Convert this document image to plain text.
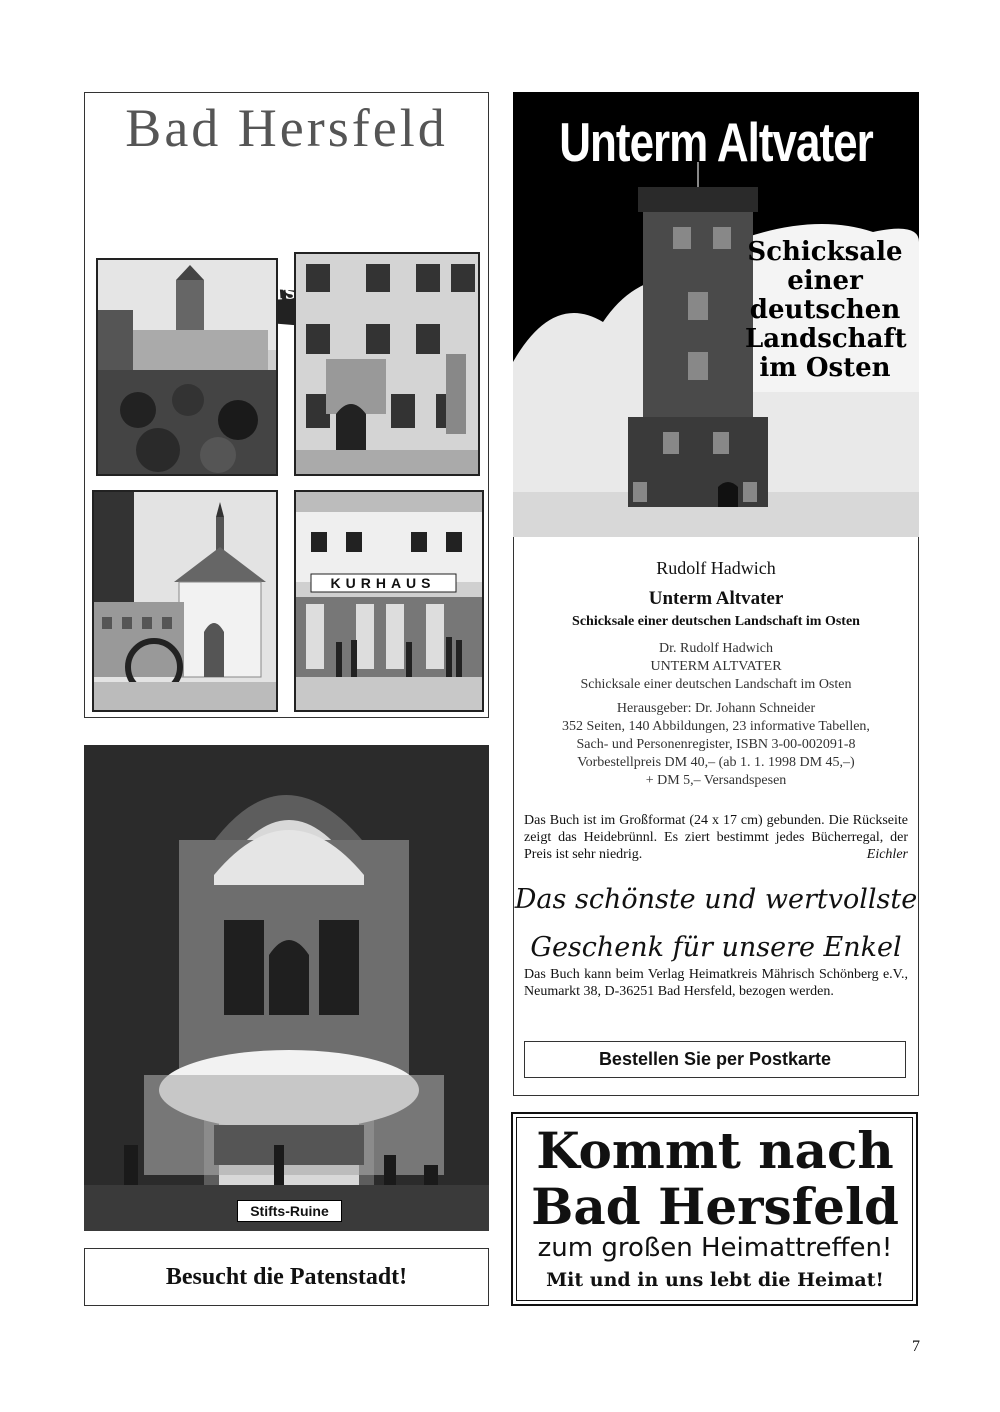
Bad Hersfeld
KURHAUS
Stifts-Ruine
Besucht die Patenstadt!
Unterm Altvater
Schicksale
einer
deutschen
Landschaft
im Osten
Rudolf Hadwich
Unterm Altvater
Schicksale einer deutschen Landschaft im Osten
Dr. Rudolf Hadwich
UNTERM ALTVATER
Schicksale einer deutschen Landschaft im Osten
Herausgeber: Dr. Johann Schneider
352 Seiten, 140 Abbildungen, 23 informative Tabellen,
Sach- und Personenregister, ISBN 3-00-002091-8
Vorbestellpreis DM 40,– (ab 1. 1. 1998 DM 45,–)
+ DM 5,– Versandspesen
Das Buch ist im Großformat (24 x 17 cm) gebunden. Die Rückseite zeigt das Heidebrünnl. Es ziert bestimmt jedes Bücherregal, der Preis ist sehr niedrig.	Eichler
Das schönste und wertvollste
Geschenk für unsere Enkel
Das Buch kann beim Verlag Heimatkreis Mährisch Schönberg e.V., Neumarkt 38, D-36251 Bad Hersfeld, bezogen werden.
Bestellen Sie per Postkarte
Kommt nach
Bad Hersfeld
zum großen Heimattreffen!
Mit und in uns lebt die Heimat!
7
